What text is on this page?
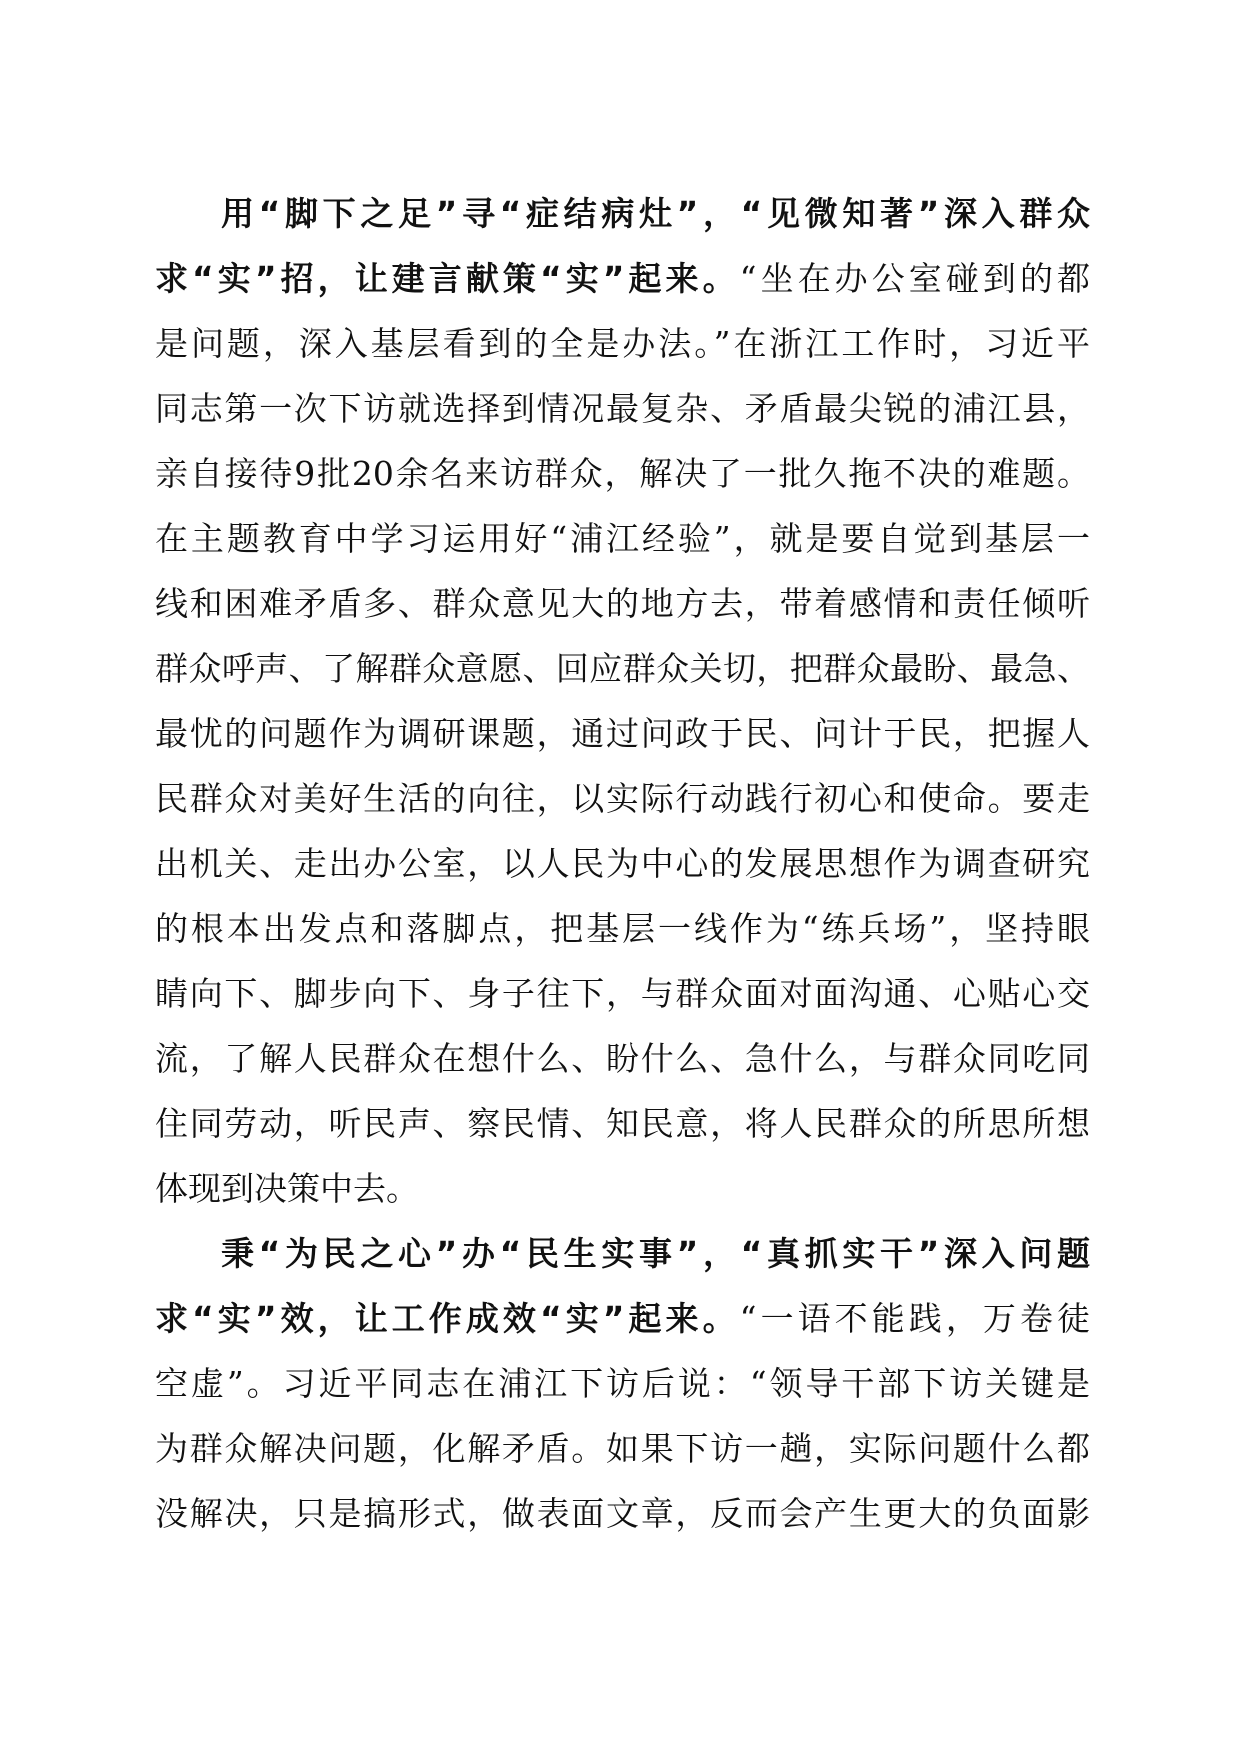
用“脚下之足”寻“症结病灶”，“见微知著”深入群众
求“实”招，让建言献策“实”起来。“坐在办公室碰到的都
是问题，深入基层看到的全是办法。”在浙江工作时，习近平
同志第一次下访就选择到情况最复杂、矛盾最尖锐的浦江县，
亲自接待9批20余名来访群众，解决了一批久拖不决的难题。
在主题教育中学习运用好“浦江经验”，就是要自觉到基层一
线和困难矛盾多、群众意见大的地方去，带着感情和责任倾听
群众呼声、了解群众意愿、回应群众关切，把群众最盼、最急、
最忧的问题作为调研课题，通过问政于民、问计于民，把握人
民群众对美好生活的向往，以实际行动践行初心和使命。要走
出机关、走出办公室，以人民为中心的发展思想作为调查研究
的根本出发点和落脚点，把基层一线作为“练兵场”，坚持眼
睛向下、脚步向下、身子往下，与群众面对面沟通、心贴心交
流，了解人民群众在想什么、盼什么、急什么，与群众同吃同
住同劳动，听民声、察民情、知民意，将人民群众的所思所想
体现到决策中去。
秉“为民之心”办“民生实事”，“真抓实干”深入问题
求“实”效，让工作成效“实”起来。“一语不能践，万卷徒
空虚”。习近平同志在浦江下访后说：“领导干部下访关键是
为群众解决问题，化解矛盾。如果下访一趟，实际问题什么都
没解决，只是搞形式，做表面文章，反而会产生更大的负面影
